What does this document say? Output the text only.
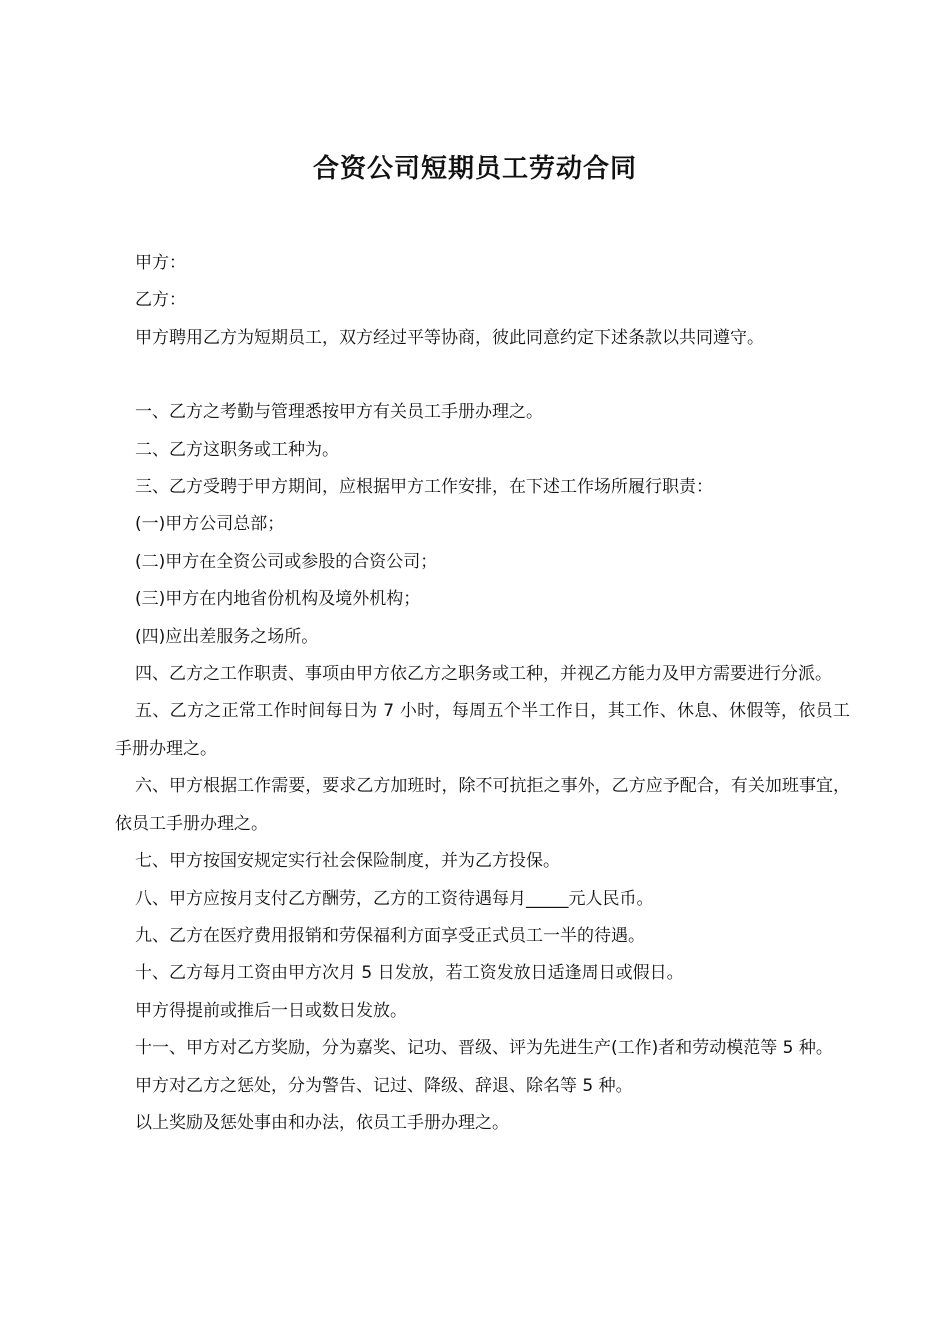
合资公司短期员工劳动合同

甲方：

乙方：

甲方聘用乙方为短期员工，双方经过平等协商，彼此同意约定下述条款以共同遵守。

一、乙方之考勤与管理悉按甲方有关员工手册办理之。

二、乙方这职务或工种为。

三、乙方受聘于甲方期间，应根据甲方工作安排，在下述工作场所履行职责：

(一)甲方公司总部；

(二)甲方在全资公司或参股的合资公司；

(三)甲方在内地省份机构及境外机构；

(四)应出差服务之场所。

四、乙方之工作职责、事项由甲方依乙方之职务或工种，并视乙方能力及甲方需要进行分派。

五、乙方之正常工作时间每日为 7 小时，每周五个半工作日，其工作、休息、休假等，依员工手册办理之。

六、甲方根据工作需要，要求乙方加班时，除不可抗拒之事外，乙方应予配合，有关加班事宜，依员工手册办理之。

七、甲方按国安规定实行社会保险制度，并为乙方投保。

八、甲方应按月支付乙方酬劳，乙方的工资待遇每月_____元人民币。

九、乙方在医疗费用报销和劳保福利方面享受正式员工一半的待遇。

十、乙方每月工资由甲方次月 5 日发放，若工资发放日适逢周日或假日。

甲方得提前或推后一日或数日发放。

十一、甲方对乙方奖励，分为嘉奖、记功、晋级、评为先进生产(工作)者和劳动模范等 5 种。

甲方对乙方之惩处，分为警告、记过、降级、辞退、除名等 5 种。

以上奖励及惩处事由和办法，依员工手册办理之。
